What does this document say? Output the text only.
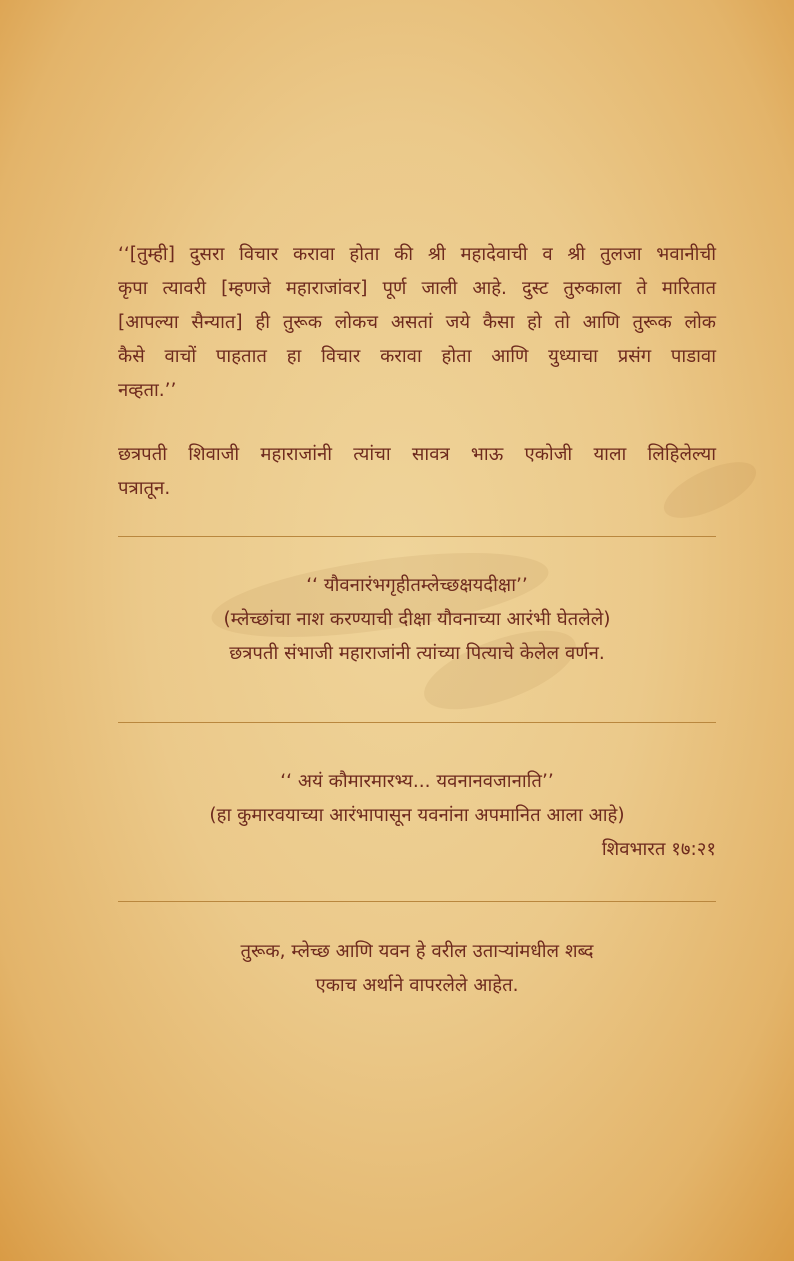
‘‘[तुम्ही] दुसरा विचार करावा होता की श्री महादेवाची व श्री तुलजा भवानीची

कृपा त्यावरी [म्हणजे महाराजांवर] पूर्ण जाली आहे. दुस्ट तुरुकाला ते मारितात

[आपल्या सैन्यात] ही तुरूक लोकच असतां जये कैसा हो तो आणि तुरूक लोक

कैसे वाचों पाहतात हा विचार करावा होता आणि युध्याचा प्रसंग पाडावा

नव्हता.’’

छत्रपती शिवाजी महाराजांनी त्यांचा सावत्र भाऊ एकोजी याला लिहिलेल्या

पत्रातून.

‘‘ यौवनारंभगृहीतम्लेच्छक्षयदीक्षा’’

(म्लेच्छांचा नाश करण्याची दीक्षा यौवनाच्या आरंभी घेतलेले)

छत्रपती संभाजी महाराजांनी त्यांच्या पित्याचे केलेल वर्णन.

‘‘ अयं कौमारमारभ्य... यवनानवजानाति’’

(हा कुमारवयाच्या आरंभापासून यवनांना अपमानित आला आहे)

शिवभारत १७:२१

तुरूक, म्लेच्छ आणि यवन हे वरील उताऱ्यांमधील शब्द

एकाच अर्थाने वापरलेले आहेत.
